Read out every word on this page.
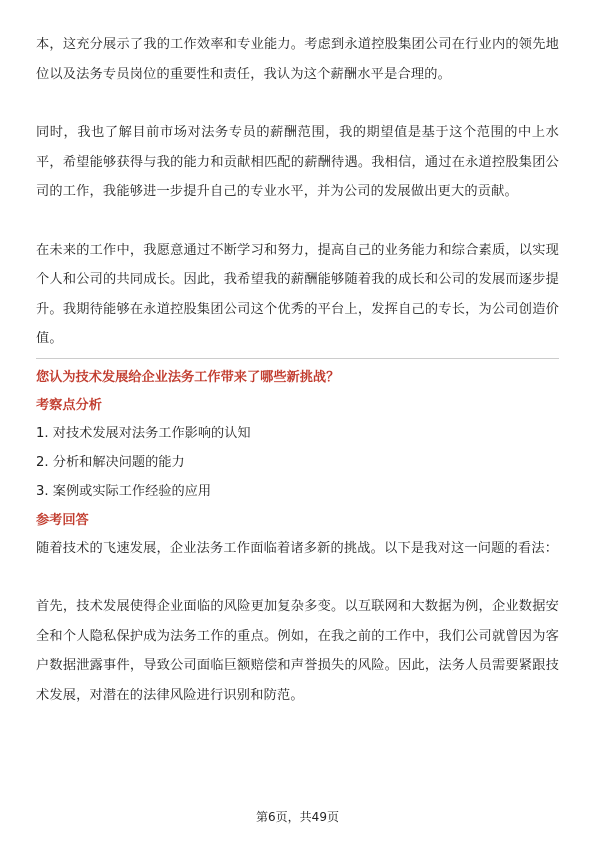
本，这充分展示了我的工作效率和专业能力。考虑到永道控股集团公司在行业内的领先地位以及法务专员岗位的重要性和责任，我认为这个薪酬水平是合理的。

同时，我也了解目前市场对法务专员的薪酬范围，我的期望值是基于这个范围的中上水平，希望能够获得与我的能力和贡献相匹配的薪酬待遇。我相信，通过在永道控股集团公司的工作，我能够进一步提升自己的专业水平，并为公司的发展做出更大的贡献。

在未来的工作中，我愿意通过不断学习和努力，提高自己的业务能力和综合素质，以实现个人和公司的共同成长。因此，我希望我的薪酬能够随着我的成长和公司的发展而逐步提升。我期待能够在永道控股集团公司这个优秀的平台上，发挥自己的专长，为公司创造价值。

您认为技术发展给企业法务工作带来了哪些新挑战？

考察点分析

1. 对技术发展对法务工作影响的认知

2. 分析和解决问题的能力

3. 案例或实际工作经验的应用

参考回答

随着技术的飞速发展，企业法务工作面临着诸多新的挑战。以下是我对这一问题的看法：

首先，技术发展使得企业面临的风险更加复杂多变。以互联网和大数据为例，企业数据安全和个人隐私保护成为法务工作的重点。例如，在我之前的工作中，我们公司就曾因为客户数据泄露事件，导致公司面临巨额赔偿和声誉损失的风险。因此，法务人员需要紧跟技术发展，对潜在的法律风险进行识别和防范。

第6页，共49页
